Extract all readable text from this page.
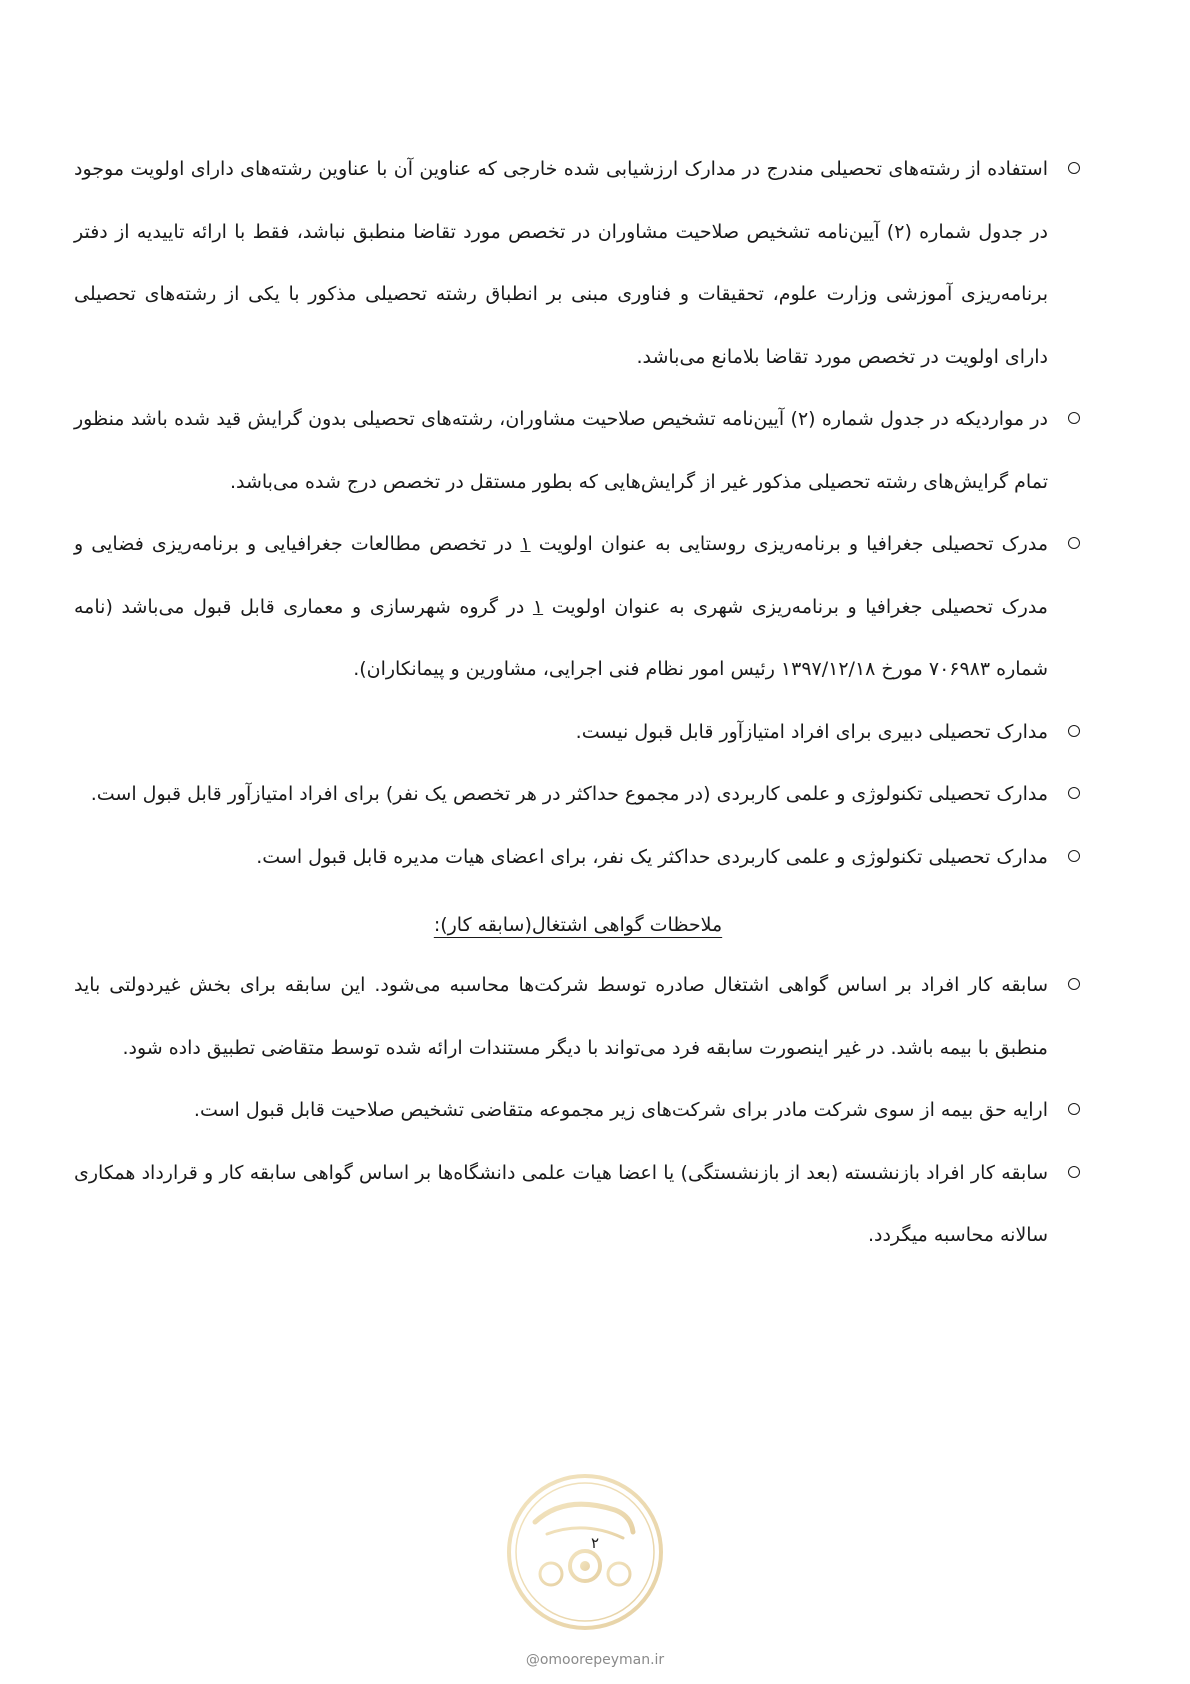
استفاده از رشته‌های تحصیلی مندرج در مدارک ارزشیابی شده خارجی که عناوین آن با عناوین رشته‌های دارای اولویت موجود در جدول شماره (۲) آیین‌نامه تشخیص صلاحیت مشاوران در تخصص مورد تقاضا منطبق نباشد، فقط با ارائه تاییدیه از دفتر برنامه‌ریزی آموزشی وزارت علوم، تحقیقات و فناوری مبنی بر انطباق رشته تحصیلی مذکور با یکی از رشته‌های تحصیلی دارای اولویت در تخصص مورد تقاضا بلامانع می‌باشد.
در مواردیکه در جدول شماره (۲) آیین‌نامه تشخیص صلاحیت مشاوران، رشته‌های تحصیلی بدون گرایش قید شده باشد منظور تمام گرایش‌های رشته تحصیلی مذکور غیر از گرایش‌هایی که بطور مستقل در تخصص درج شده می‌باشد.
مدرک تحصیلی جغرافیا و برنامه‌ریزی روستایی به عنوان اولویت ۱ در تخصص مطالعات جغرافیایی و برنامه‌ریزی فضایی و مدرک تحصیلی جغرافیا و برنامه‌ریزی شهری به عنوان اولویت ۱ در گروه شهرسازی و معماری قابل قبول می‌باشد (نامه شماره ۷۰۶۹۸۳ مورخ ۱۳۹۷/۱۲/۱۸ رئیس امور نظام فنی اجرایی، مشاورین و پیمانکاران).
مدارک تحصیلی دبیری برای افراد امتیازآور قابل قبول نیست.
مدارک تحصیلی تکنولوژی و علمی کاربردی (در مجموع حداکثر در هر تخصص یک نفر) برای افراد امتیازآور قابل قبول است.
مدارک تحصیلی تکنولوژی و علمی کاربردی حداکثر یک نفر، برای اعضای هیات مدیره قابل قبول است.
ملاحظات گواهی اشتغال(سابقه کار):
سابقه کار افراد بر اساس گواهی اشتغال صادره توسط شرکت‌ها محاسبه می‌شود. این سابقه برای بخش غیردولتی باید منطبق با بیمه باشد. در غیر اینصورت سابقه فرد می‌تواند با دیگر مستندات ارائه شده توسط متقاضی تطبیق داده شود.
ارایه حق بیمه از سوی شرکت مادر برای شرکت‌های زیر مجموعه متقاضی تشخیص صلاحیت قابل قبول است.
سابقه کار افراد بازنشسته (بعد از بازنشستگی) یا اعضا هیات علمی دانشگاه‌ها بر اساس گواهی سابقه کار و قرارداد همکاری سالانه محاسبه میگردد.
۲
@omoorepeyman.ir
